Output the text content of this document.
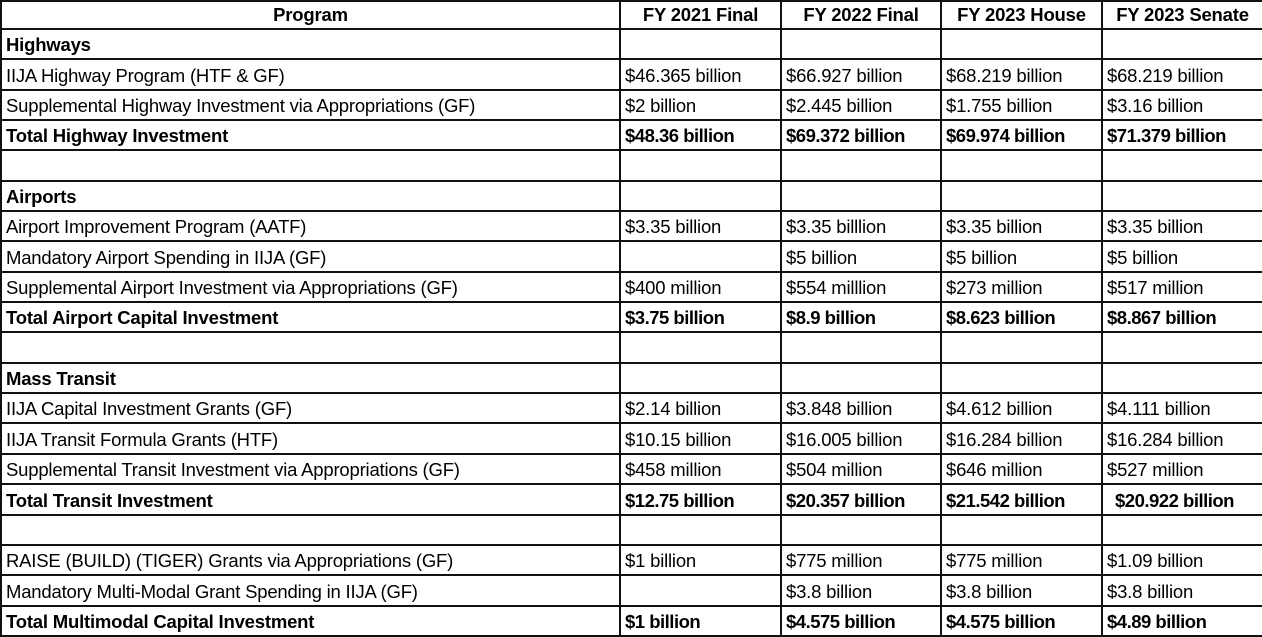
Program	FY 2021 Final	FY 2022 Final	FY 2023 House	FY 2023 Senate
Highways				
IIJA Highway Program (HTF & GF)	$46.365 billion	$66.927 billion	$68.219 billion	$68.219 billion
Supplemental Highway Investment via Appropriations (GF)	$2 billion	$2.445 billion	$1.755 billion	$3.16 billion
Total Highway Investment	$48.36 billion	$69.372 billion	$69.974 billion	$71.379 billion

Airports				
Airport Improvement Program (AATF)	$3.35 billion	$3.35 billlion	$3.35 billion	$3.35 billion
Mandatory Airport Spending in IIJA (GF)		$5 billion	$5 billion	$5 billion
Supplemental Airport Investment via Appropriations (GF)	$400 million	$554 milllion	$273 million	$517 million
Total Airport Capital Investment	$3.75 billion	$8.9 billion	$8.623 billion	$8.867 billion

Mass Transit				
IIJA Capital Investment Grants (GF)	$2.14 billion	$3.848 billion	$4.612 billion	$4.111 billion
IIJA Transit Formula Grants (HTF)	$10.15 billion	$16.005 billion	$16.284 billion	$16.284 billion
Supplemental Transit Investment via Appropriations (GF)	$458 million	$504 million	$646 million	$527 million
Total Transit Investment	$12.75 billion	$20.357 billion	$21.542 billion	$20.922 billion

RAISE (BUILD) (TIGER) Grants via Appropriations (GF)	$1 billion	$775 million	$775 million	$1.09 billion
Mandatory Multi-Modal Grant Spending in IIJA (GF)		$3.8 billion	$3.8 billion	$3.8 billion
Total Multimodal Capital Investment	$1 billion	$4.575 billion	$4.575 billion	$4.89 billion
